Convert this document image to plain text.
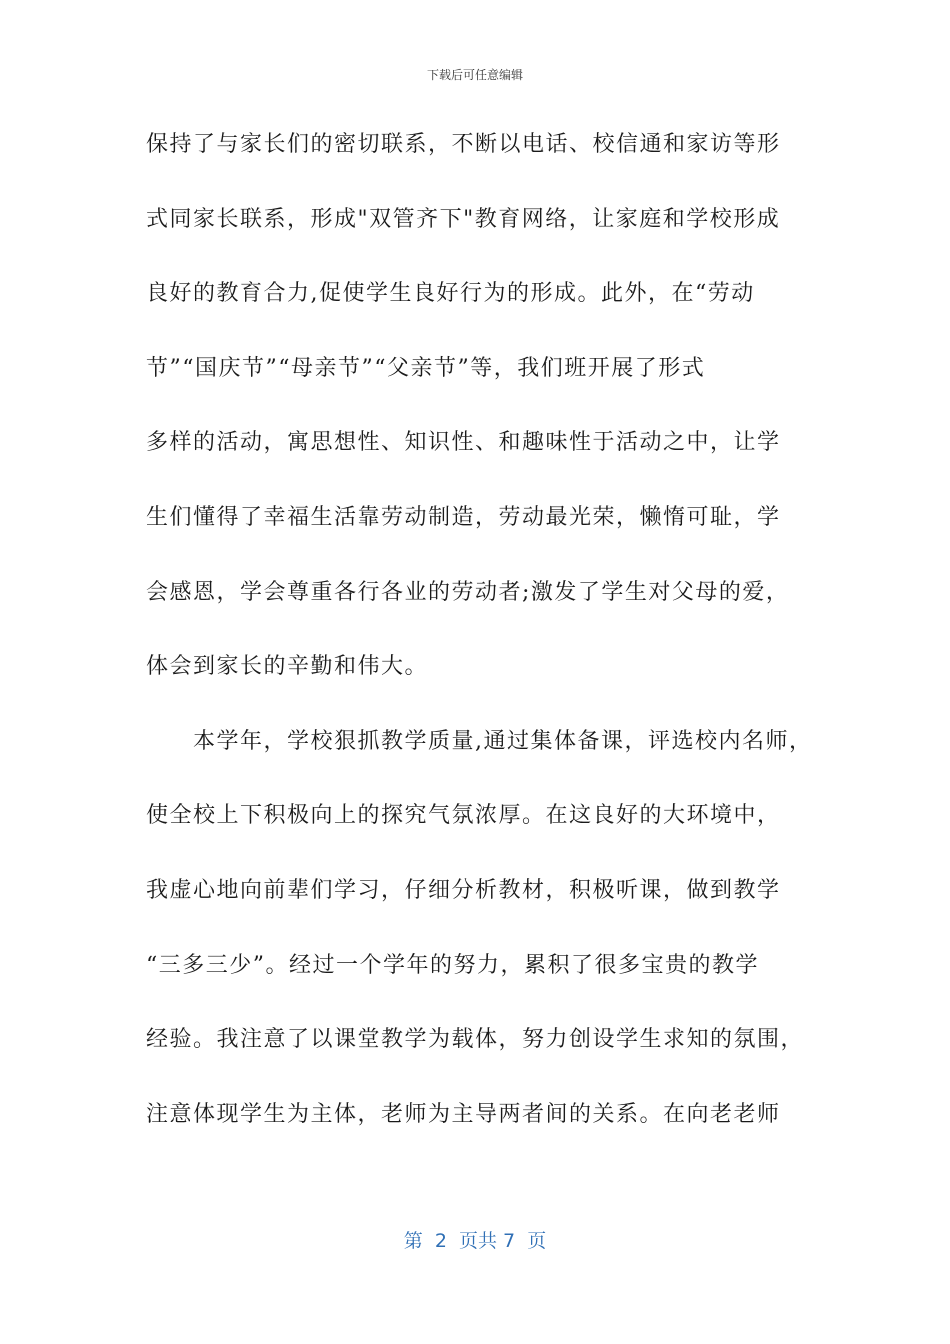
下载后可任意编辑
保持了与家长们的密切联系，不断以电话、校信通和家访等形
式同家长联系，形成"双管齐下"教育网络，让家庭和学校形成
良好的教育合力,促使学生良好行为的形成。此外，在“劳动
节”“国庆节”“母亲节”“父亲节”等，我们班开展了形式
多样的活动，寓思想性、知识性、和趣味性于活动之中，让学
生们懂得了幸福生活靠劳动制造，劳动最光荣，懒惰可耻，学
会感恩，学会尊重各行各业的劳动者;激发了学生对父母的爱，
体会到家长的辛勤和伟大。
　　本学年，学校狠抓教学质量,通过集体备课，评选校内名师，
使全校上下积极向上的探究气氛浓厚。在这良好的大环境中，
我虚心地向前辈们学习，仔细分析教材，积极听课，做到教学
“三多三少”。经过一个学年的努力，累积了很多宝贵的教学
经验。我注意了以课堂教学为载体，努力创设学生求知的氛围，
注意体现学生为主体，老师为主导两者间的关系。在向老老师
第  2  页共 7  页
